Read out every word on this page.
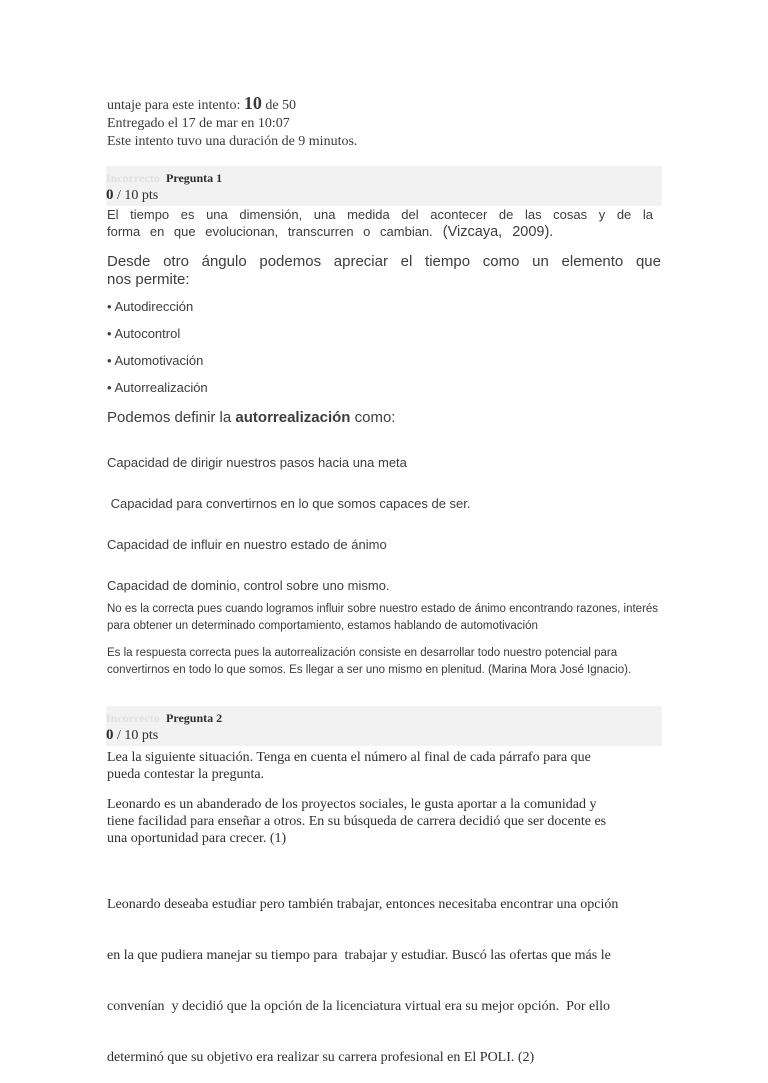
untaje para este intento: 10 de 50
Entregado el 17 de mar en 10:07
Este intento tuvo una duración de 9 minutos.
Incorrecto Pregunta 1
0 / 10 pts
El tiempo es una dimensión, una medida del acontecer de las cosas y de la
forma en que evolucionan, transcurren o cambian. (Vizcaya, 2009).
Desde otro ángulo podemos apreciar el tiempo como un elemento que
nos permite:
• Autodirección
• Autocontrol
• Automotivación
• Autorrealización
Podemos definir la autorrealización como:
Capacidad de dirigir nuestros pasos hacia una meta
Capacidad para convertirnos en lo que somos capaces de ser.
Capacidad de influir en nuestro estado de ánimo
Capacidad de dominio, control sobre uno mismo.
No es la correcta pues cuando logramos influir sobre nuestro estado de ánimo encontrando razones, interés
para obtener un determinado comportamiento, estamos hablando de automotivación
Es la respuesta correcta pues la autorrealización consiste en desarrollar todo nuestro potencial para
convertirnos en todo lo que somos. Es llegar a ser uno mismo en plenitud. (Marina Mora José Ignacio).
Incorrecto Pregunta 2
0 / 10 pts
Lea la siguiente situación. Tenga en cuenta el número al final de cada párrafo para que
pueda contestar la pregunta.
Leonardo es un abanderado de los proyectos sociales, le gusta aportar a la comunidad y
tiene facilidad para enseñar a otros. En su búsqueda de carrera decidió que ser docente es
una oportunidad para crecer. (1)

Leonardo deseaba estudiar pero también trabajar, entonces necesitaba encontrar una opción

en la que pudiera manejar su tiempo para  trabajar y estudiar. Buscó las ofertas que más le

convenían  y decidió que la opción de la licenciatura virtual era su mejor opción.  Por ello

determinó que su objetivo era realizar su carrera profesional en El POLI. (2)
